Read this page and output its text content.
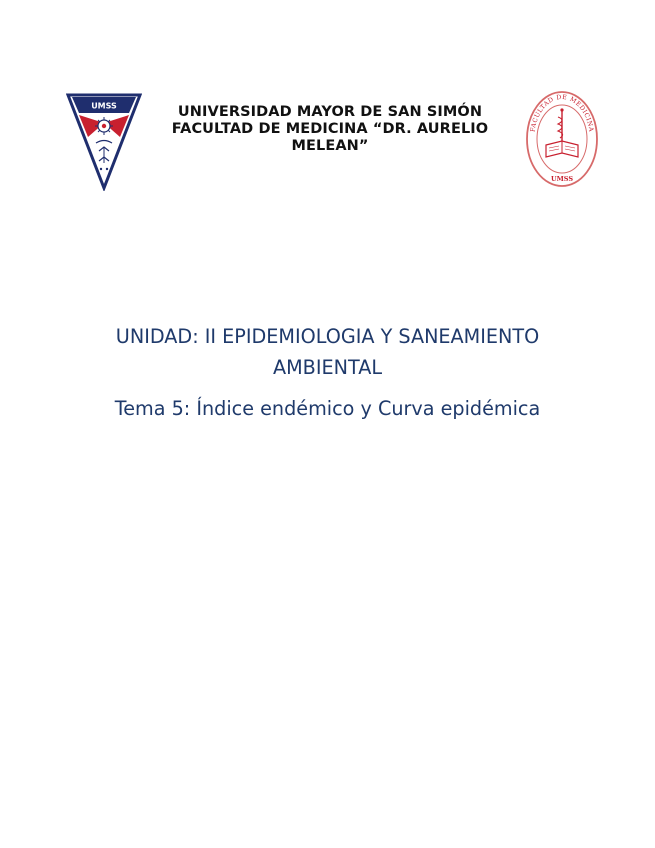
UMSS	UNIVERSIDAD MAYOR DE SAN SIMÓN
FACULTAD DE MEDICINA “DR. AURELIO MELEAN”
FACULTAD DE MEDICINA
UMSS
UNIDAD: II EPIDEMIOLOGIA Y SANEAMIENTO
AMBIENTAL
Tema 5: Índice endémico y Curva epidémica
